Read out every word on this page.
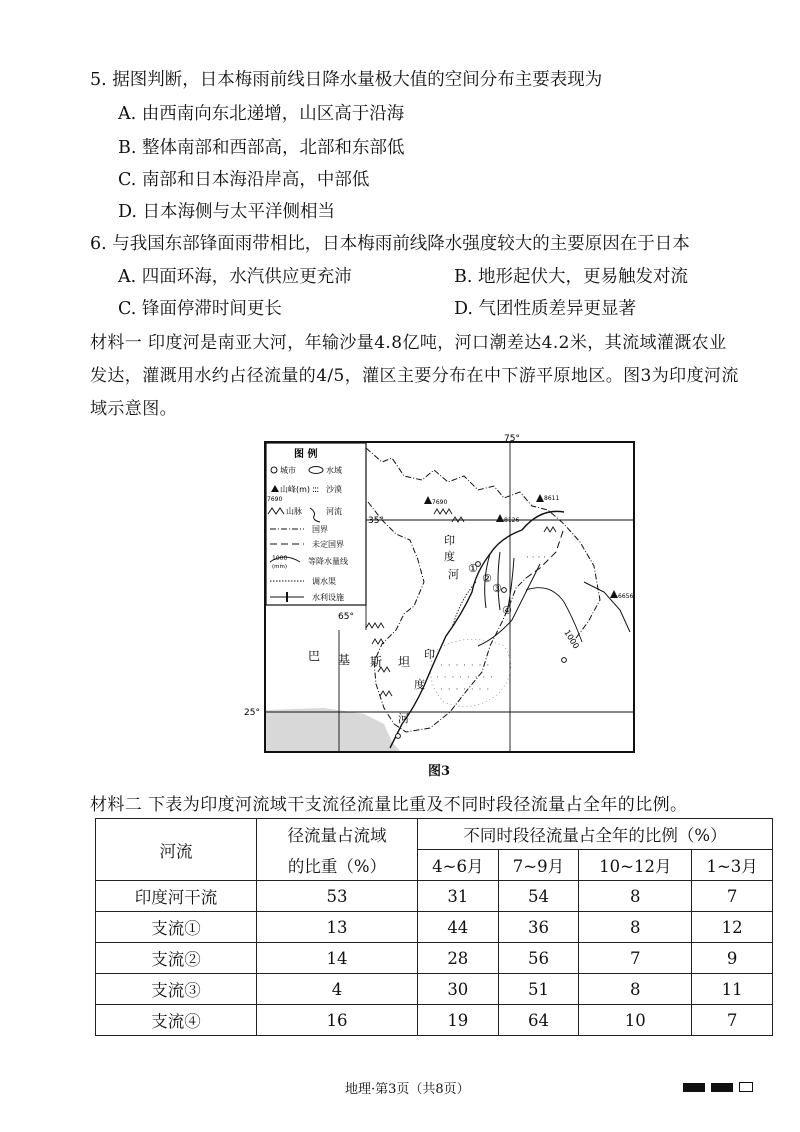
5. 据图判断，日本梅雨前线日降水量极大值的空间分布主要表现为
A. 由西南向东北递增，山区高于沿海
B. 整体南部和西部高，北部和东部低
C. 南部和日本海沿岸高，中部低
D. 日本海侧与太平洋侧相当
6. 与我国东部锋面雨带相比，日本梅雨前线降水强度较大的主要原因在于日本
A. 四面环海，水汽供应更充沛	B. 地形起伏大，更易触发对流
C. 锋面停滞时间更长	D. 气团性质差异更显著
材料一 印度河是南亚大河，年输沙量4.8亿吨，河口潮差达4.2米，其流域灌溉农业
发达，灌溉用水约占径流量的4/5，灌区主要分布在中下游平原地区。图3为印度河流
域示意图。
图 例
城市	水域
山峰(m)
7690
::: 沙漠
山脉	河流
国界
未定国界
1000
(mm)
等降水量线
调水渠
水利设施
75°
65°
35°
25°
· · · · · · ·
· · · · · · · ·
· · · · · · ·
· · · ·
1000
7690
8611
8126
6656
①
②
③
④
印
度
河
巴 基 斯 坦
印
度
河
图3
材料二 下表为印度河流域干支流径流量比重及不同时段径流量占全年的比例。
河流	径流量占流域	不同时段径流量占全年的比例（%）			
	的比重（%）	4~6月	7~9月	10~12月	1~3月
印度河干流	53	31	54	8	7
支流①	13	44	36	8	12
支流②	14	28	56	7	9
支流③	4	30	51	8	11
支流④	16	19	64	10	7
地理·第3页（共8页）
